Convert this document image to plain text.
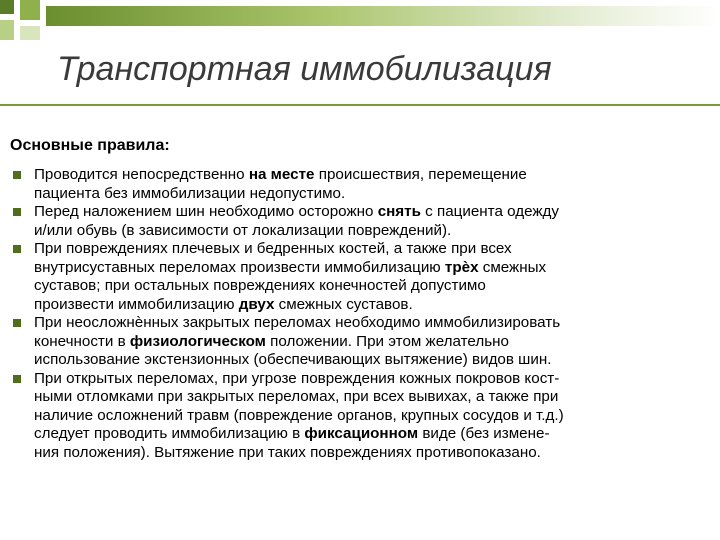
Транспортная иммобилизация
Основные правила:
Проводится непосредственно на месте происшествия, перемещение
пациента без иммобилизации недопустимо.
Перед наложением шин необходимо осторожно снять с пациента одежду
и/или обувь (в зависимости от локализации повреждений).
При повреждениях плечевых и бедренных костей, а также при всех
внутрисуставных переломах произвести иммобилизацию трѐх смежных
суставов; при остальных повреждениях конечностей допустимо
произвести иммобилизацию двух смежных суставов.
При неосложнѐнных закрытых переломах необходимо иммобилизировать
конечности в физиологическом положении. При этом желательно
использование экстензионных (обеспечивающих вытяжение) видов шин.
При открытых переломах, при угрозе повреждения кожных покровов кост-
ными отломками при закрытых переломах, при всех вывихах, а также при
наличие осложнений травм (повреждение органов, крупных сосудов и т.д.)
следует проводить иммобилизацию в фиксационном виде (без измене-
ния положения). Вытяжение при таких повреждениях противопоказано.
